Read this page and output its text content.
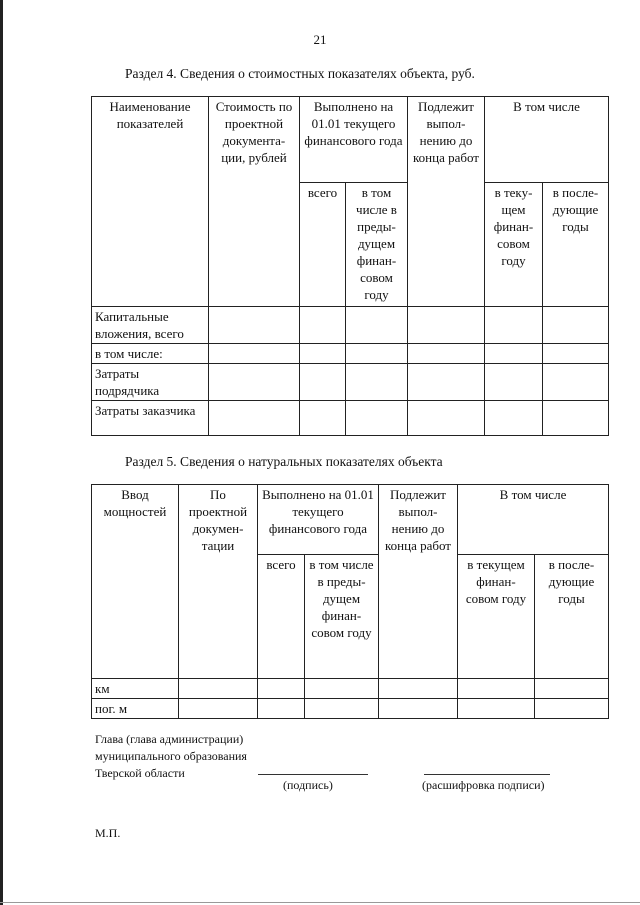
21
Раздел 4. Сведения о стоимостных показателях объекта, руб.
Наименование показателей	Стоимость по проектной документа-ции, рублей	Выполнено на 01.01 текущего финансового года		Подлежит выпол-нению до конца работ	В том числе	
		всего	в том числе в преды-дущем финан-совом году		в теку-щем финан-совом году	в после-дующие годы
Капитальные вложения, всего						
в том числе:						
Затраты подрядчика						
Затраты заказчика						
Раздел 5. Сведения о натуральных показателях объекта
Ввод мощностей	По проектной докумен-тации	Выполнено на 01.01 текущего финансового года		Подлежит выпол-нению до конца работ	В том числе	
		всего	в том числе в преды-дущем финан-совом году		в текущем финан-совом году	в после-дующие годы
км						
пог. м						
Глава (глава администрации)
муниципального образования
Тверской области
(подпись)	(расшифровка подписи)
М.П.
